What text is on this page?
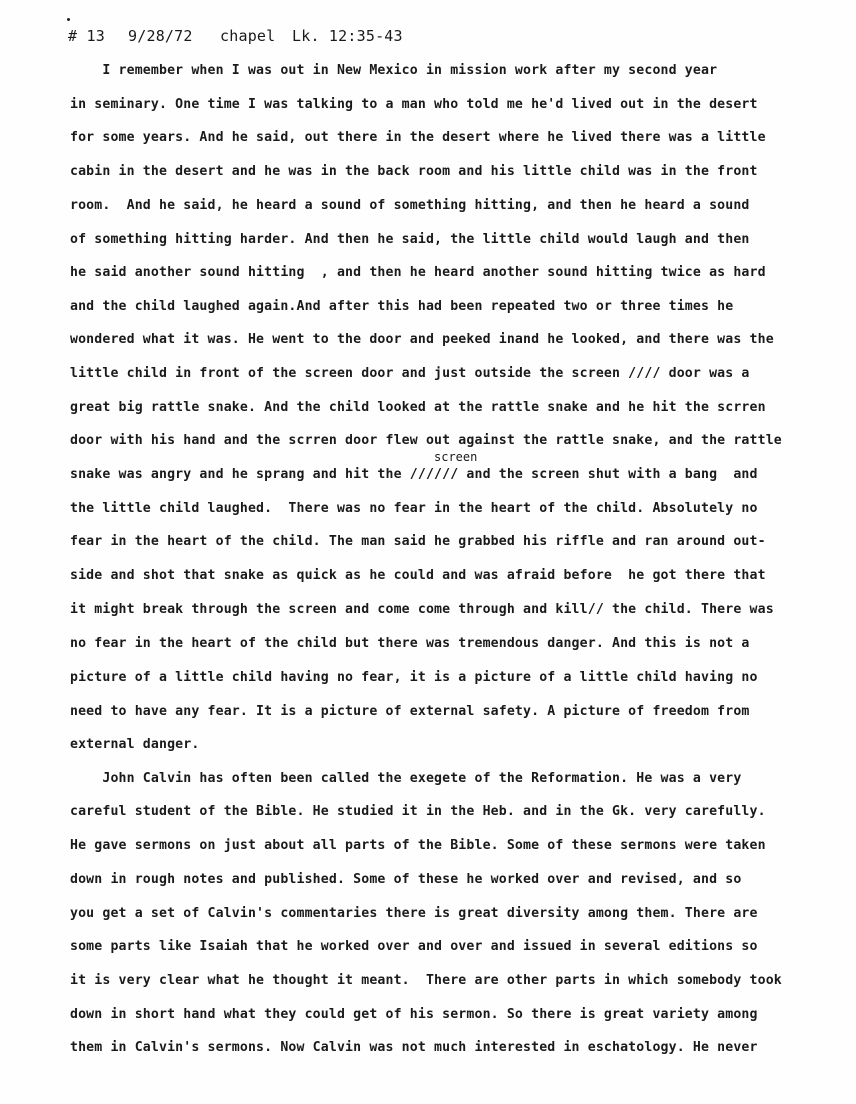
# 13 9/28/72 chapel Lk. 12:35-43
I remember when I was out in New Mexico in mission work after my second year
in seminary. One time I was talking to a man who told me he'd lived out in the desert
for some years. And he said, out there in the desert where he lived there was a little
cabin in the desert and he was in the back room and his little child was in the front
room.  And he said, he heard a sound of something hitting, and then he heard a sound
of something hitting harder. And then he said, the little child would laugh and then
he said another sound hitting  , and then he heard another sound hitting twice as hard
and the child laughed again.And after this had been repeated two or three times he
wondered what it was. He went to the door and peeked inand he looked, and there was the
little child in front of the screen door and just outside the screen //// door was a
great big rattle snake. And the child looked at the rattle snake and he hit the scrren
door with his hand and the scrren door flew out against the rattle snake, and the rattle
screen
snake was angry and he sprang and hit the ////// and the screen shut with a bang  and
the little child laughed.  There was no fear in the heart of the child. Absolutely no
fear in the heart of the child. The man said he grabbed his riffle and ran around out-
side and shot that snake as quick as he could and was afraid before  he got there that
it might break through the screen and come come through and kill// the child. There was
no fear in the heart of the child but there was tremendous danger. And this is not a
picture of a little child having no fear, it is a picture of a little child having no
need to have any fear. It is a picture of external safety. A picture of freedom from
external danger.
John Calvin has often been called the exegete of the Reformation. He was a very
careful student of the Bible. He studied it in the Heb. and in the Gk. very carefully.
He gave sermons on just about all parts of the Bible. Some of these sermons were taken
down in rough notes and published. Some of these he worked over and revised, and so
you get a set of Calvin's commentaries there is great diversity among them. There are
some parts like Isaiah that he worked over and over and issued in several editions so
it is very clear what he thought it meant.  There are other parts in which somebody took
down in short hand what they could get of his sermon. So there is great variety among
them in Calvin's sermons. Now Calvin was not much interested in eschatology. He never
